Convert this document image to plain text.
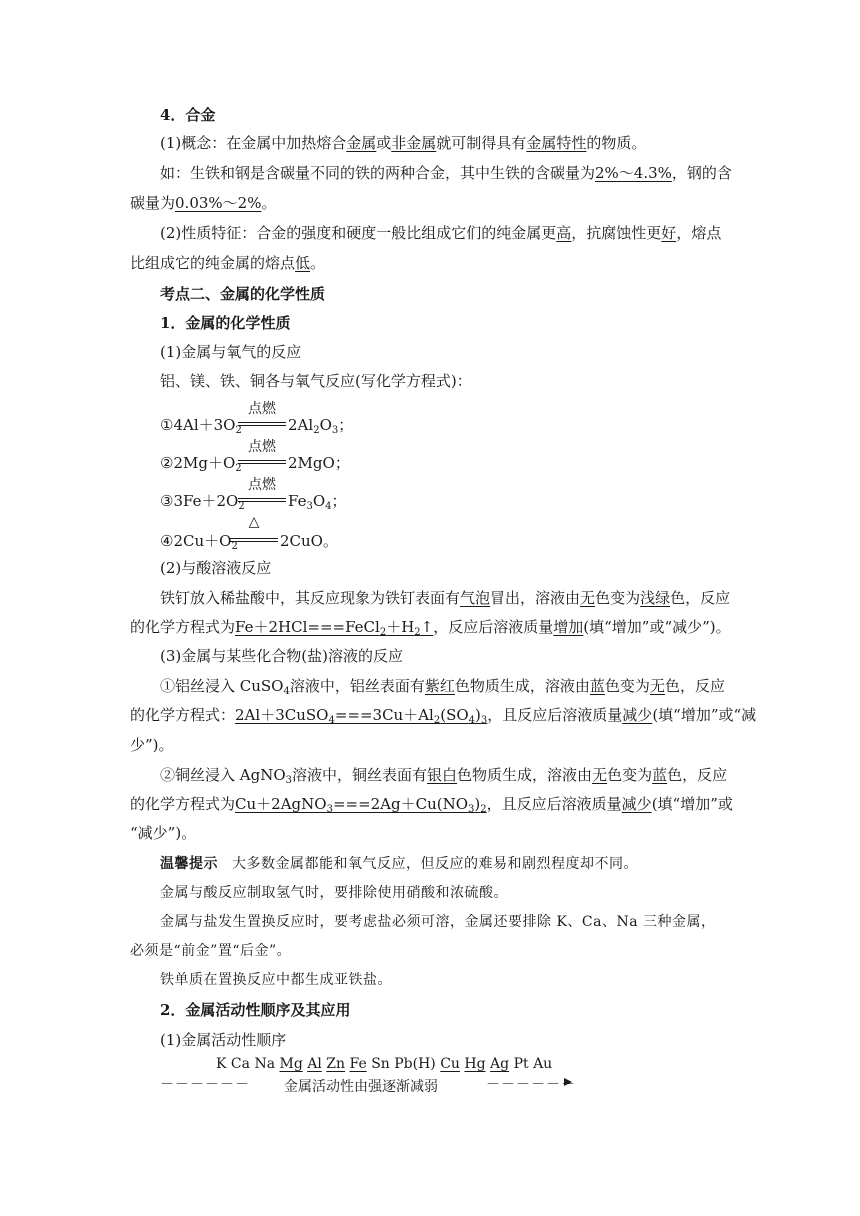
4．合金
(1)概念：在金属中加热熔合金属或非金属就可制得具有金属特性的物质。
如：生铁和钢是含碳量不同的铁的两种合金，其中生铁的含碳量为2%～4.3%，钢的含
碳量为0.03%～2%。
(2)性质特征：合金的强度和硬度一般比组成它们的纯金属更高，抗腐蚀性更好，熔点
比组成它的纯金属的熔点低。
考点二、金属的化学性质
1．金属的化学性质
(1)金属与氧气的反应
铝、镁、铁、铜各与氧气反应(写化学方程式)：
$①4Al+3O_2$
点燃
$2Al_2O_3$；
$②2Mg+O_2$
点燃
2MgO；
$③3Fe+2O_2$
点燃
$Fe_3O_4$；
$④2Cu+O_2$
△
2CuO。
(2)与酸溶液反应
铁钉放入稀盐酸中，其反应现象为铁钉表面有气泡冒出，溶液由无色变为浅绿色，反应
的化学方程式为$Fe+2HCl===FeCl_2+H_2↑$，反应后溶液质量增加(填“增加”或“减少”)。
(3)金属与某些化合物(盐)溶液的反应
①铝丝浸入 CuSO$_4$溶液中，铝丝表面有紫红色物质生成，溶液由蓝色变为无色，反应
的化学方程式：$2Al+3CuSO_4===3Cu+Al_2(SO_4)_3$，且反应后溶液质量减少(填“增加”或“减
少”)。
②铜丝浸入 AgNO$_3$溶液中，铜丝表面有银白色物质生成，溶液由无色变为蓝色，反应
的化学方程式为$Cu+2AgNO_3===2Ag+Cu(NO_3)_2$，且反应后溶液质量减少(填“增加”或
“减少”)。
温馨提示 大多数金属都能和氧气反应，但反应的难易和剧烈程度却不同。
金属与酸反应制取氢气时，要排除使用硝酸和浓硫酸。
金属与盐发生置换反应时，要考虑盐必须可溶，金属还要排除 K、Ca、Na 三种金属，
必须是“前金”置“后金”。
铁单质在置换反应中都生成亚铁盐。
2．金属活动性顺序及其应用
(1)金属活动性顺序
－－－－－－
K Ca Na Mg Al Zn Fe Sn Pb(H) Cu Hg Ag Pt Au
－－－－－－
金属活动性由强逐渐减弱
